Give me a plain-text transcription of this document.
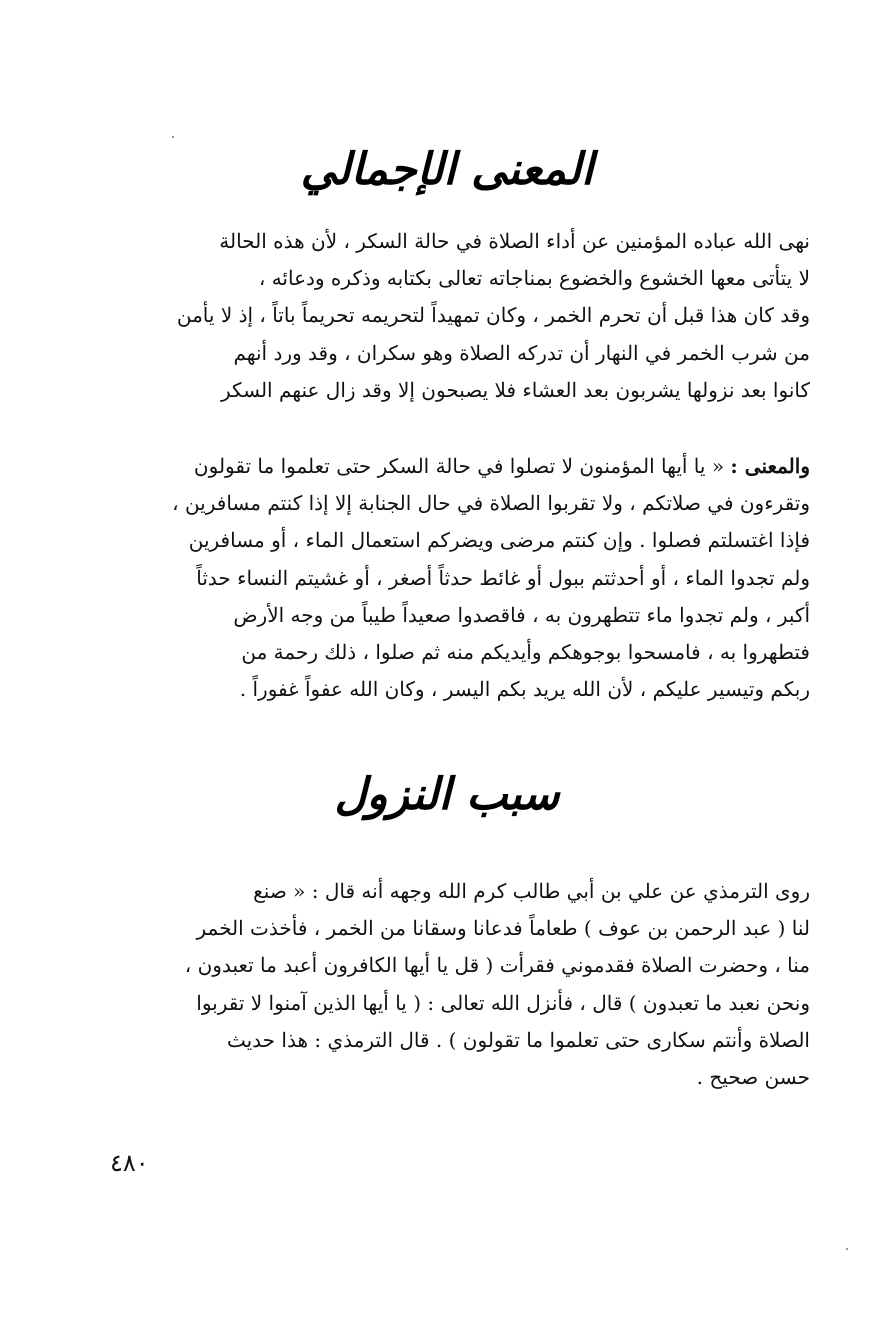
المعنى الإجمالي
نهى الله عباده المؤمنين عن أداء الصلاة في حالة السكر ، لأن هذه الحالة
لا يتأتى معها الخشوع والخضوع بمناجاته تعالى بكتابه وذكره ودعائه ،
وقد كان هذا قبل أن تحرم الخمر ، وكان تمهيداً لتحريمه تحريماً باتاً ، إذ لا يأمن
من شرب الخمر في النهار أن تدركه الصلاة وهو سكران ، وقد ورد أنهم
كانوا بعد نزولها يشربون بعد العشاء فلا يصبحون إلا وقد زال عنهم السكر
والمعنى : « يا أيها المؤمنون لا تصلوا في حالة السكر حتى تعلموا ما تقولون
وتقرءون في صلاتكم ، ولا تقربوا الصلاة في حال الجنابة إلا إذا كنتم مسافرين ،
فإذا اغتسلتم فصلوا . وإن كنتم مرضى ويضركم استعمال الماء ، أو مسافرين
ولم تجدوا الماء ، أو أحدثتم ببول أو غائط حدثاً أصغر ، أو غشيتم النساء حدثاً
أكبر ، ولم تجدوا ماء تتطهرون به ، فاقصدوا صعيداً طيباً من وجه الأرض
فتطهروا به ، فامسحوا بوجوهكم وأيديكم منه ثم صلوا ، ذلك رحمة من
ربكم وتيسير عليكم ، لأن الله يريد بكم اليسر ، وكان الله عفواً غفوراً .
سبب النزول
روى الترمذي عن علي بن أبي طالب كرم الله وجهه أنه قال : « صنع
لنا ( عبد الرحمن بن عوف ) طعاماً فدعانا وسقانا من الخمر ، فأخذت الخمر
منا ، وحضرت الصلاة فقدموني فقرأت ( قل يا أيها الكافرون أعبد ما تعبدون ،
ونحن نعبد ما تعبدون ) قال ، فأنزل الله تعالى : ( يا أيها الذين آمنوا لا تقربوا
الصلاة وأنتم سكارى حتى تعلموا ما تقولون ) . قال الترمذي : هذا حديث
حسن صحيح .
٤٨٠
